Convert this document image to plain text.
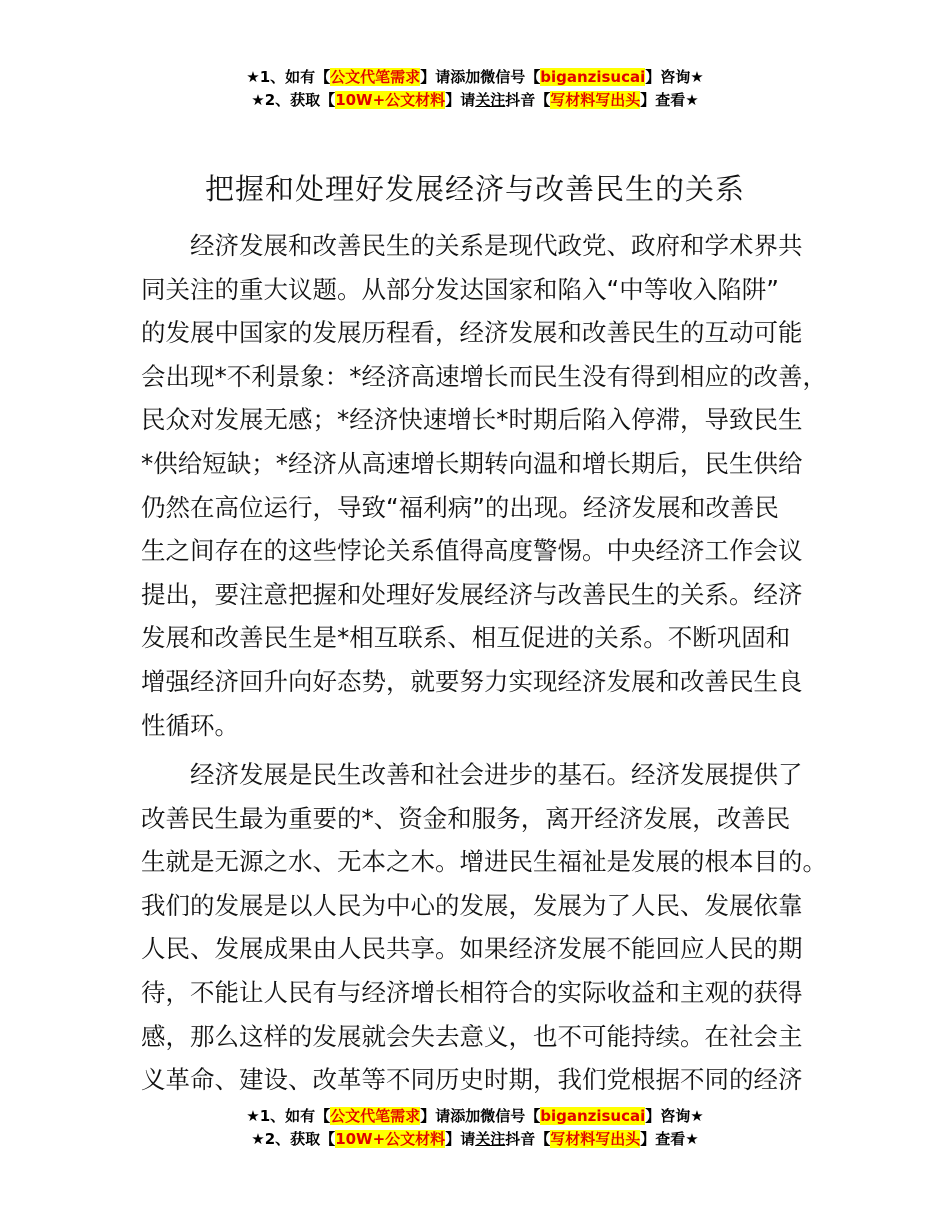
★1、如有【公文代笔需求】请添加微信号【biganzisucai】咨询★
★2、获取【10W+公文材料】请关注抖音【写材料写出头】查看★
把握和处理好发展经济与改善民生的关系
经济发展和改善民生的关系是现代政党、政府和学术界共
同关注的重大议题。从部分发达国家和陷入“中等收入陷阱”
的发展中国家的发展历程看，经济发展和改善民生的互动可能
会出现*不利景象：*经济高速增长而民生没有得到相应的改善，
民众对发展无感；*经济快速增长*时期后陷入停滞，导致民生
*供给短缺；*经济从高速增长期转向温和增长期后，民生供给
仍然在高位运行，导致“福利病”的出现。经济发展和改善民
生之间存在的这些悖论关系值得高度警惕。中央经济工作会议
提出，要注意把握和处理好发展经济与改善民生的关系。经济
发展和改善民生是*相互联系、相互促进的关系。不断巩固和
增强经济回升向好态势，就要努力实现经济发展和改善民生良
性循环。
经济发展是民生改善和社会进步的基石。经济发展提供了
改善民生最为重要的*、资金和服务，离开经济发展，改善民
生就是无源之水、无本之木。增进民生福祉是发展的根本目的。
我们的发展是以人民为中心的发展，发展为了人民、发展依靠
人民、发展成果由人民共享。如果经济发展不能回应人民的期
待，不能让人民有与经济增长相符合的实际收益和主观的获得
感，那么这样的发展就会失去意义，也不可能持续。在社会主
义革命、建设、改革等不同历史时期，我们党根据不同的经济
★1、如有【公文代笔需求】请添加微信号【biganzisucai】咨询★
★2、获取【10W+公文材料】请关注抖音【写材料写出头】查看★
